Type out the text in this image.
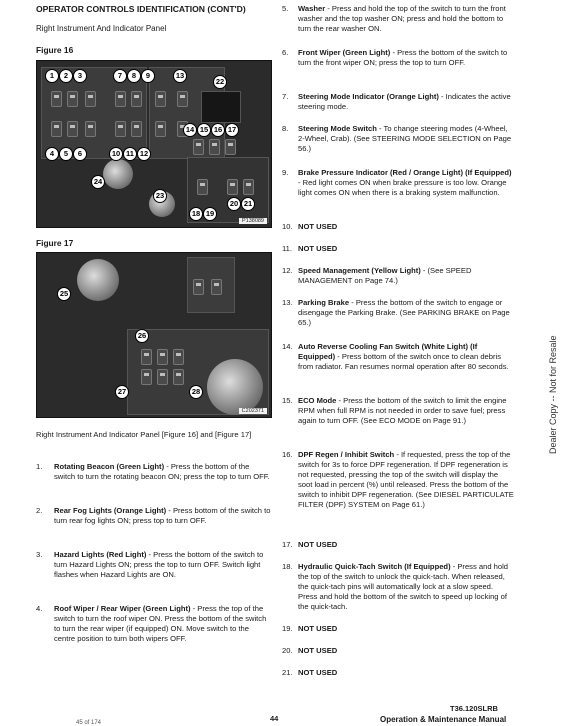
OPERATOR CONTROLS IDENTIFICATION (CONT'D)
Right Instrument And Indicator Panel
Figure 16
1	2	3	7	8	9	13
22
14 15 16 17
4	5	6	10 11 12
24
23
18 19
20 21
P138089
Figure 17
25
26
27	28
C202371
Right Instrument And Indicator Panel [Figure 16] and [Figure 17]
1.	Rotating Beacon (Green Light) - Press the bottom of the switch to turn the rotating beacon ON; press the top to turn OFF.
2.	Rear Fog Lights (Orange Light) - Press bottom of the switch to turn rear fog lights ON; press top to turn OFF.
3.	Hazard Lights (Red Light) - Press the bottom of the switch to turn Hazard Lights ON; press the top to turn OFF. Switch light flashes when Hazard Lights are ON.
4.	Roof Wiper / Rear Wiper (Green Light) - Press the top of the switch to turn the roof wiper ON. Press the bottom of the switch to turn the rear wiper (if equipped) ON. Move switch to the centre position to turn both wipers OFF.
5.	Washer - Press and hold the top of the switch to turn the front washer and the top washer ON; press and hold the bottom to turn the rear washer ON.
6.	Front Wiper (Green Light) - Press the bottom of the switch to turn the front wiper ON; press the top to turn OFF.
7.	Steering Mode Indicator (Orange Light) - Indicates the active steering mode.
8.	Steering Mode Switch - To change steering modes (4-Wheel, 2-Wheel, Crab). (See STEERING MODE SELECTION on Page 56.)
9.	Brake Pressure Indicator (Red / Orange Light) (If Equipped) - Red light comes ON when brake pressure is too low. Orange light comes ON when there is a braking system malfunction.
10. NOT USED
11. NOT USED
12. Speed Management (Yellow Light) - (See SPEED MANAGEMENT on Page 74.)
13. Parking Brake - Press the bottom of the switch to engage or disengage the Parking Brake. (See PARKING BRAKE on Page 65.)
14. Auto Reverse Cooling Fan Switch (White Light) (If Equipped) - Press bottom of the switch once to clean debris from radiator. Fan resumes normal operation after 80 seconds.
15. ECO Mode - Press the bottom of the switch to limit the engine RPM when full RPM is not needed in order to save fuel; press again to turn OFF. (See ECO MODE on Page 91.)
16. DPF Regen / Inhibit Switch - If requested, press the top of the switch for 3s to force DPF regeneration. If DPF regeneration is not requested, pressing the top of the switch will display the soot load in percent (%) until released. Press the bottom of the switch to inhibit DPF regeneration. (See DIESEL PARTICULATE FILTER (DPF) SYSTEM on Page 61.)
17. NOT USED
18. Hydraulic Quick-Tach Switch (If Equipped) - Press and hold the top of the switch to unlock the quick-tach. When released, the quick-tach pins will automatically lock at a slow speed. Press and hold the bottom of the switch to speed up locking of the quick-tach.
19. NOT USED
20. NOT USED
21. NOT USED
Dealer Copy -- Not for Resale
45 of 174	44
T36.120SLRB
Operation & Maintenance Manual
